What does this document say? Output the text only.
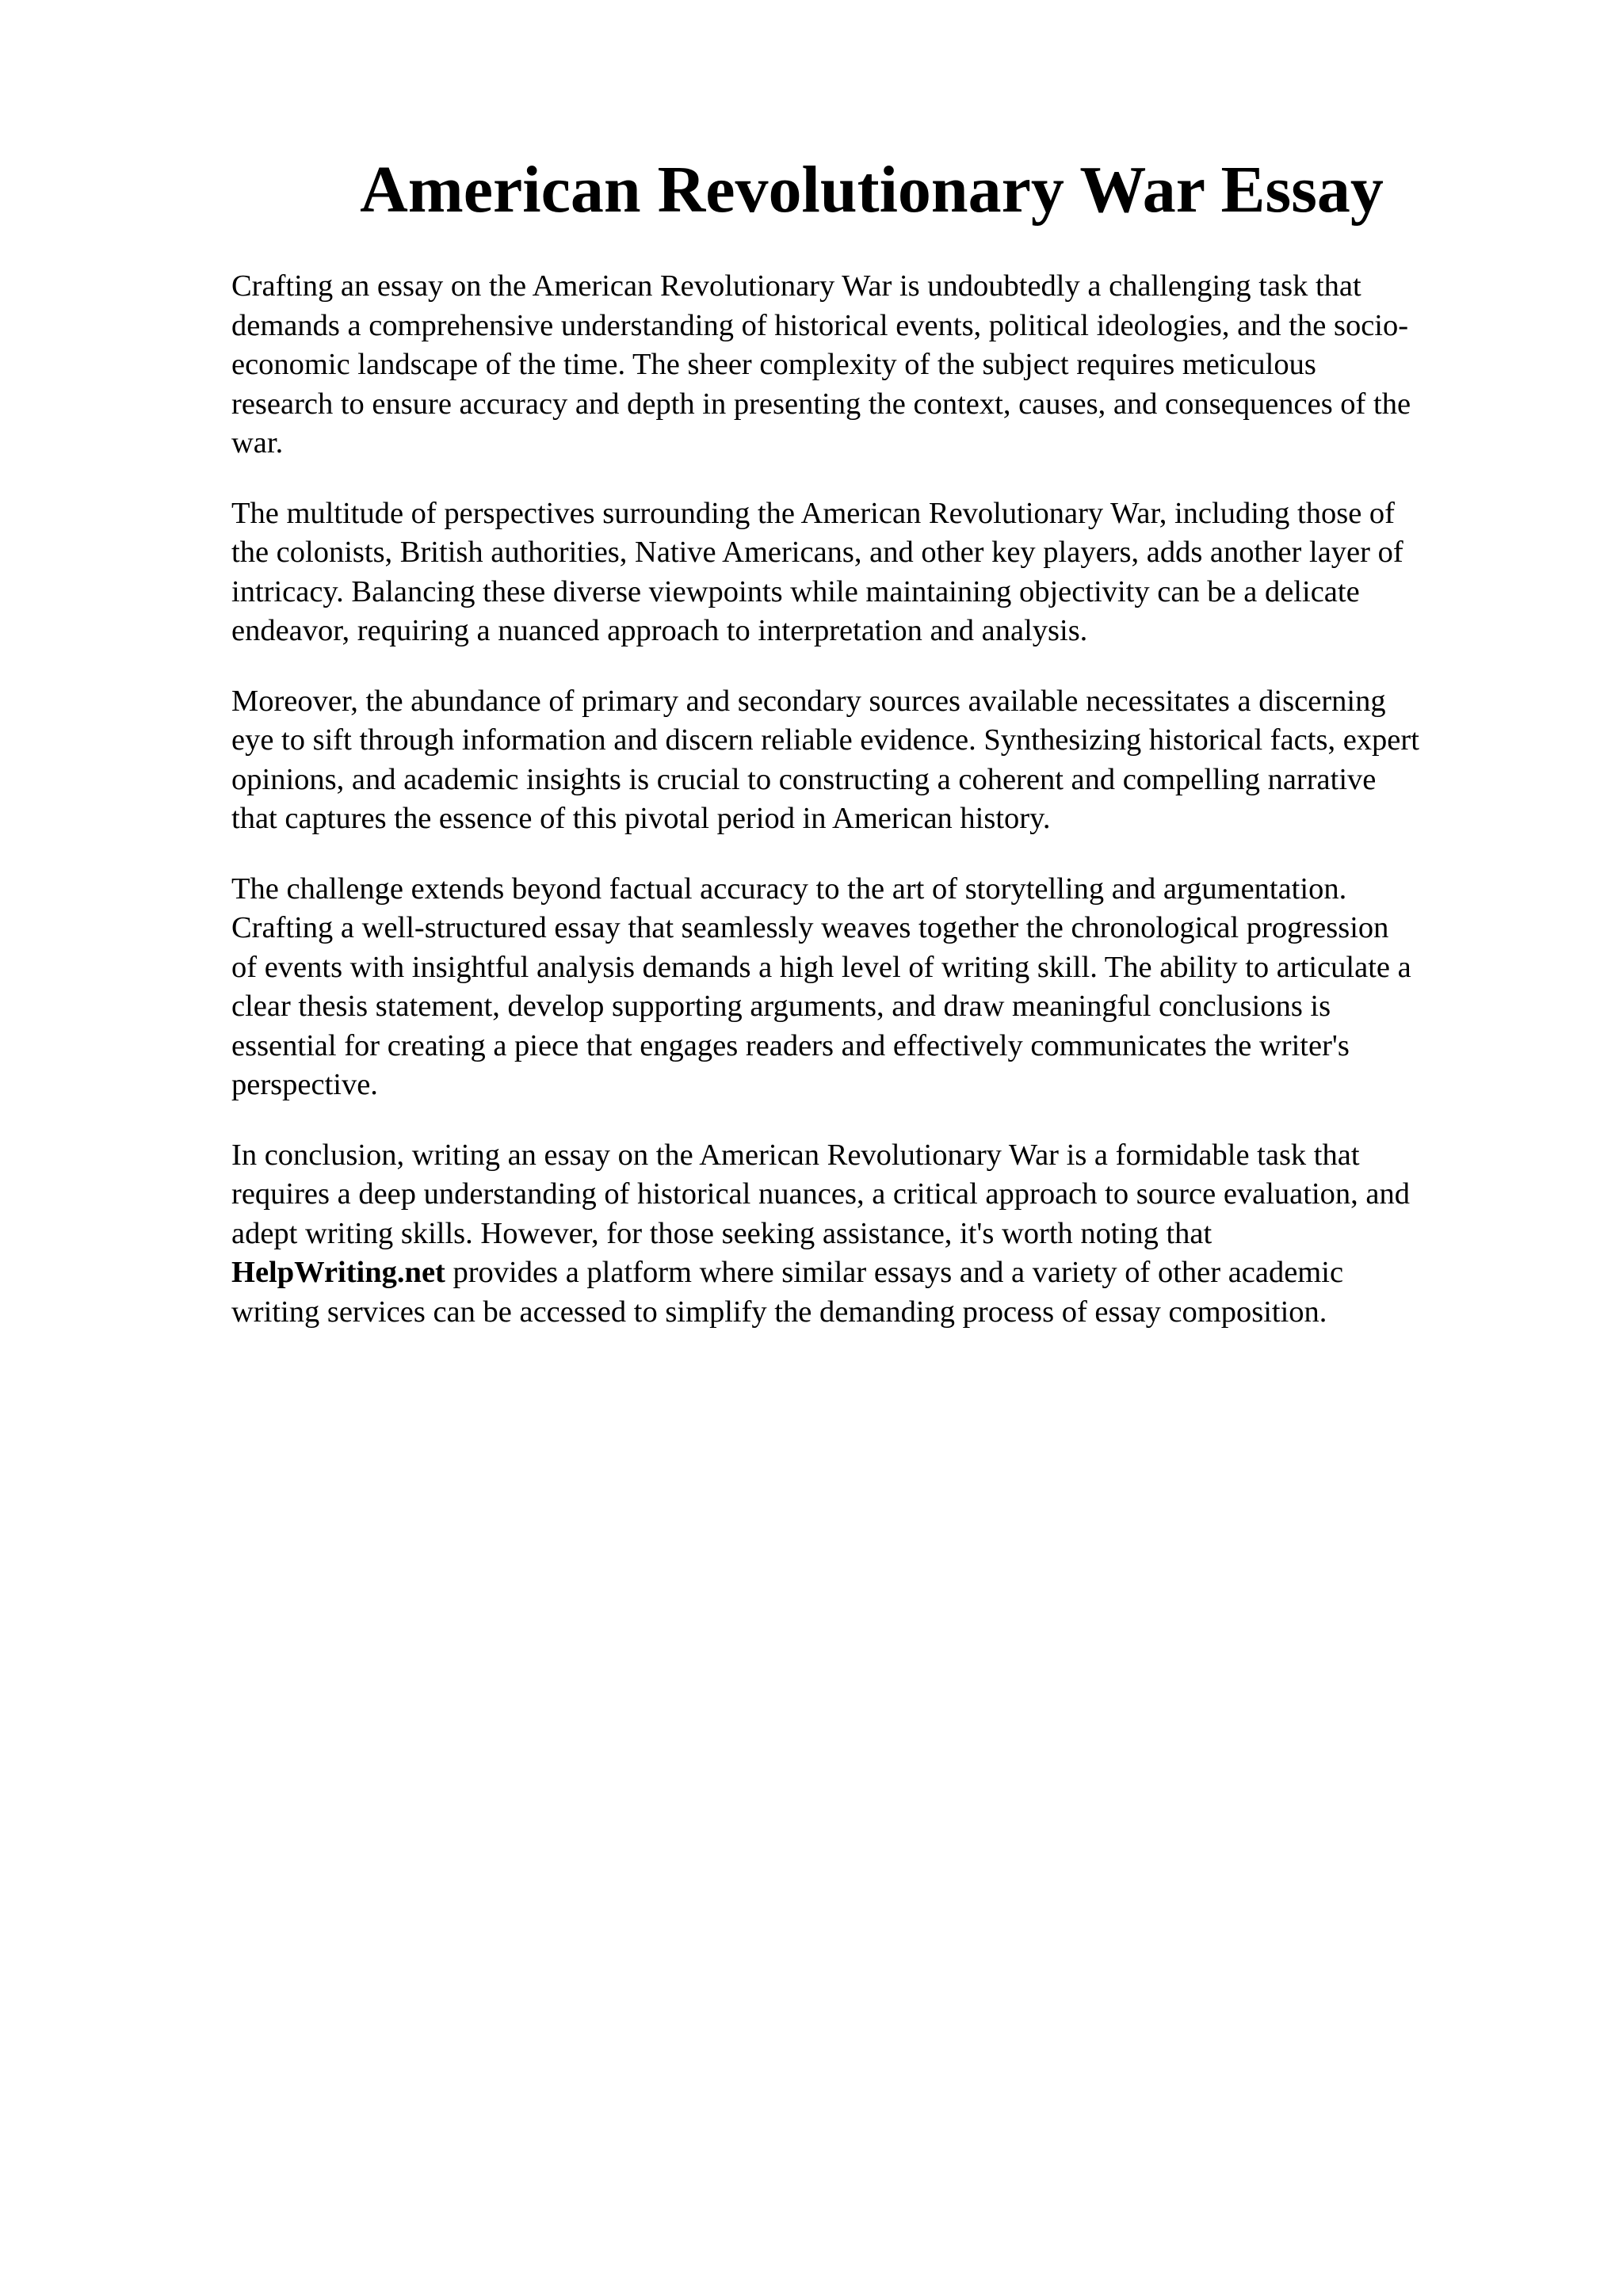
American Revolutionary War Essay

Crafting an essay on the American Revolutionary War is undoubtedly a challenging task that
demands a comprehensive understanding of historical events, political ideologies, and the socio-
economic landscape of the time. The sheer complexity of the subject requires meticulous
research to ensure accuracy and depth in presenting the context, causes, and consequences of the
war.

The multitude of perspectives surrounding the American Revolutionary War, including those of
the colonists, British authorities, Native Americans, and other key players, adds another layer of
intricacy. Balancing these diverse viewpoints while maintaining objectivity can be a delicate
endeavor, requiring a nuanced approach to interpretation and analysis.

Moreover, the abundance of primary and secondary sources available necessitates a discerning
eye to sift through information and discern reliable evidence. Synthesizing historical facts, expert
opinions, and academic insights is crucial to constructing a coherent and compelling narrative
that captures the essence of this pivotal period in American history.

The challenge extends beyond factual accuracy to the art of storytelling and argumentation.
Crafting a well-structured essay that seamlessly weaves together the chronological progression
of events with insightful analysis demands a high level of writing skill. The ability to articulate a
clear thesis statement, develop supporting arguments, and draw meaningful conclusions is
essential for creating a piece that engages readers and effectively communicates the writer's
perspective.

In conclusion, writing an essay on the American Revolutionary War is a formidable task that
requires a deep understanding of historical nuances, a critical approach to source evaluation, and
adept writing skills. However, for those seeking assistance, it's worth noting that
HelpWriting.net provides a platform where similar essays and a variety of other academic
writing services can be accessed to simplify the demanding process of essay composition.
